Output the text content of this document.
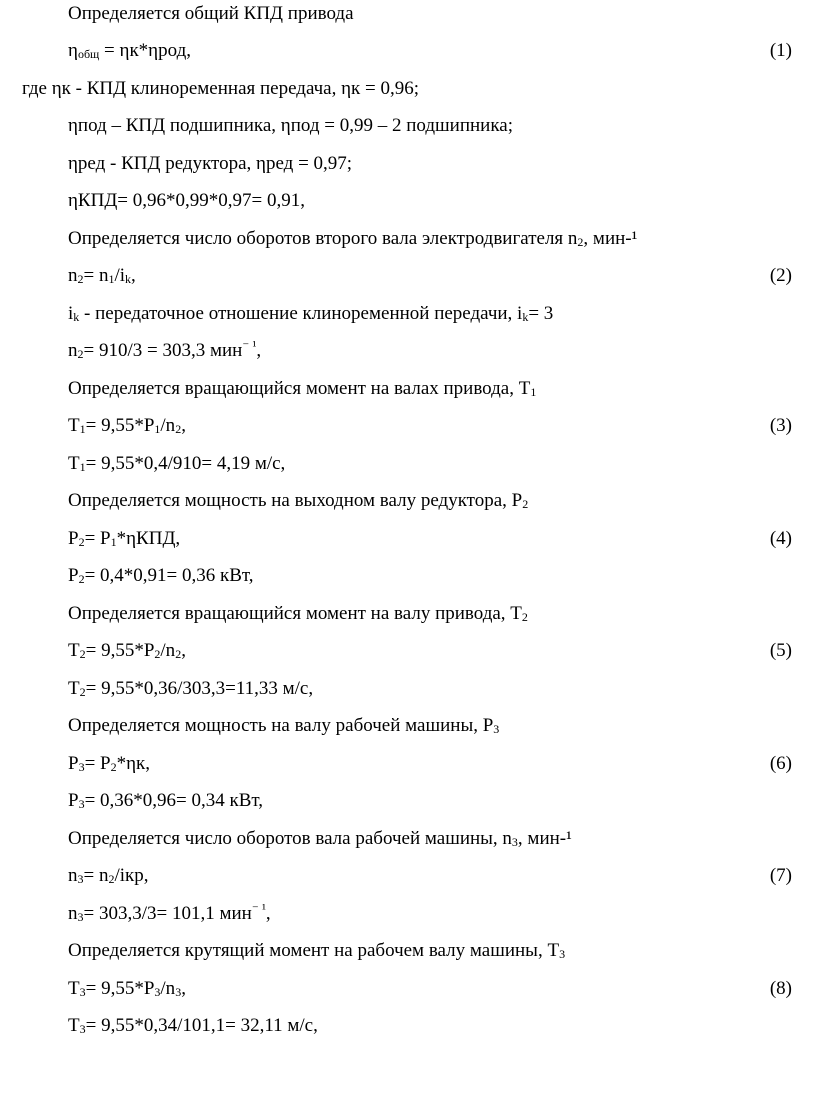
Определяется общий КПД привода
$\eta_{общ} = \eta к*\eta род$,	(1)
где ηк - КПД клиноременная передача, ηк = 0,96;
ηпод – КПД подшипника, ηпод = 0,99 – 2 подшипника;
ηред - КПД редуктора, ηред = 0,97;
ηКПД= 0,96*0,99*0,97= 0,91,
Определяется число оборотов второго вала электродвигателя $n_2$, мин-¹
$n_2= n_1/i_k$,	(2)
$i_k$ - передаточное отношение клиноременной передачи, $i_k= 3$
$n_2= 910/3 = 303,3$ мин$^{^- ^1}$,
Определяется вращающийся момент на валах привода, $T_1$
$T_1= 9,55*P_1/n_2$,	(3)
$T_1= 9,55*0,4/910= 4,19$ м/с,
Определяется мощность на выходном валу редуктора, $P_2$
$P_2= P_1*\eta КПД$,	(4)
$P_2= 0,4*0,91= 0,36$ кВт,
Определяется вращающийся момент на валу привода, $T_2$
$T_2= 9,55*P_2/n_2$,	(5)
$T_2= 9,55*0,36/303,3=11,33$ м/с,
Определяется мощность на валу рабочей машины, $P_3$
$P_3= P_2*\eta к$,	(6)
$P_3= 0,36*0,96= 0,34$ кВт,
Определяется число оборотов вала рабочей машины, $n_3$, мин-¹
$n_3= n_2/iкр$,	(7)
$n_3= 303,3/3= 101,1$ мин$^{^- ^1}$,
Определяется крутящий момент на рабочем валу машины, $T_3$
$T_3= 9,55*P_3/n_3$,	(8)
$T_3= 9,55*0,34/101,1= 32,11$ м/с,
